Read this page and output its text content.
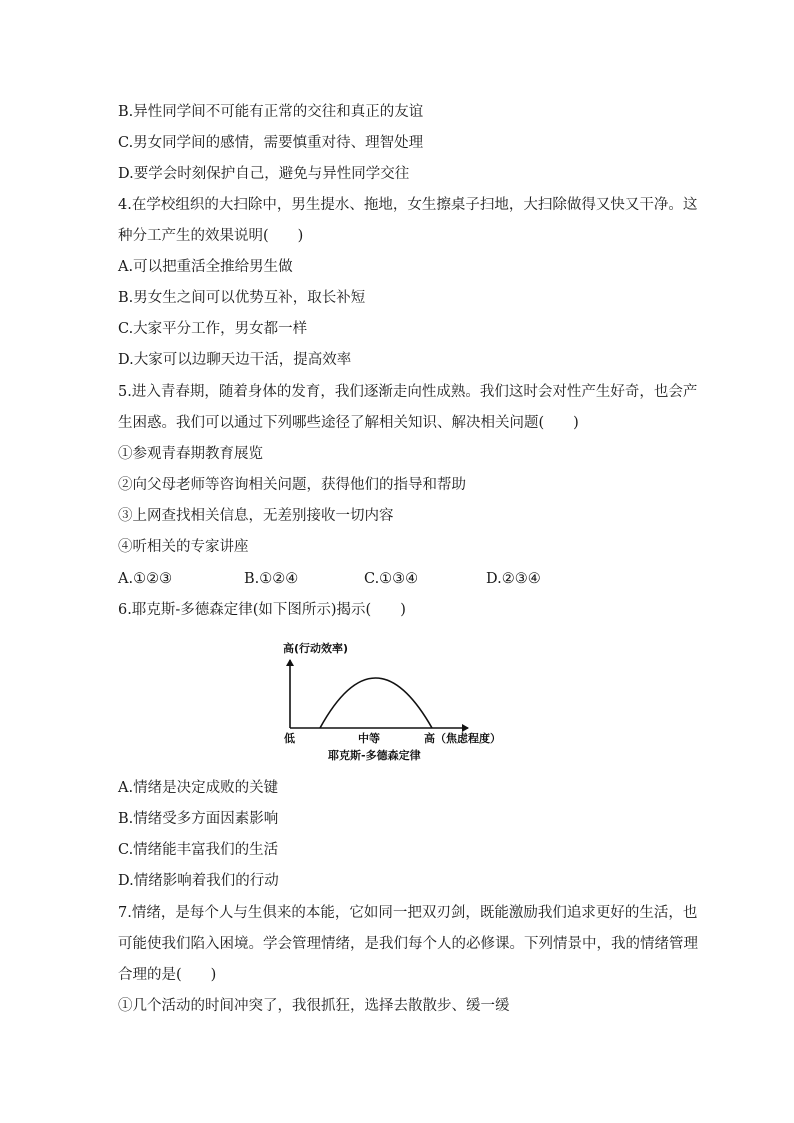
B.异性同学间不可能有正常的交往和真正的友谊
C.男女同学间的感情，需要慎重对待、理智处理
D.要学会时刻保护自己，避免与异性同学交往
4.在学校组织的大扫除中，男生提水、拖地，女生擦桌子扫地，大扫除做得又快又干净。这
种分工产生的效果说明(　　)
A.可以把重活全推给男生做
B.男女生之间可以优势互补，取长补短
C.大家平分工作，男女都一样
D.大家可以边聊天边干活，提高效率
5.进入青春期，随着身体的发育，我们逐渐走向性成熟。我们这时会对性产生好奇，也会产
生困惑。我们可以通过下列哪些途径了解相关知识、解决相关问题(　　)
①参观青春期教育展览
②向父母老师等咨询相关问题，获得他们的指导和帮助
③上网查找相关信息，无差别接收一切内容
④听相关的专家讲座
A.①②③	B.①②④	C.①③④	D.②③④
6.耶克斯-多德森定律(如下图所示)揭示(　　)
高(行动效率)
低	中等	高（焦虑程度）
耶克斯-多德森定律
A.情绪是决定成败的关键
B.情绪受多方面因素影响
C.情绪能丰富我们的生活
D.情绪影响着我们的行动
7.情绪，是每个人与生俱来的本能，它如同一把双刃剑，既能激励我们追求更好的生活，也
可能使我们陷入困境。学会管理情绪，是我们每个人的必修课。下列情景中，我的情绪管理
合理的是(　　)
①几个活动的时间冲突了，我很抓狂，选择去散散步、缓一缓
